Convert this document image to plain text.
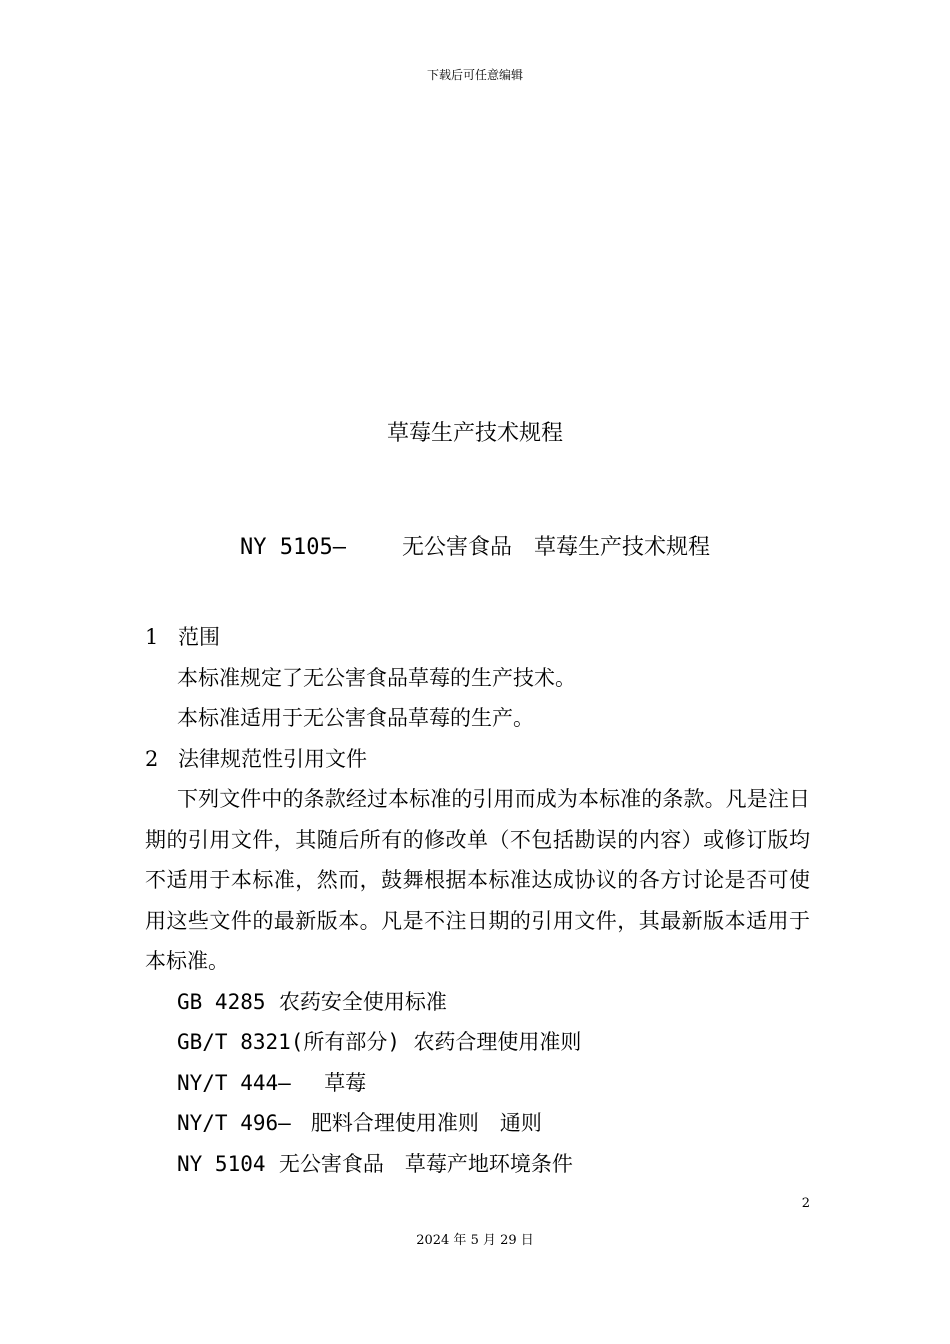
下载后可任意编辑
草莓生产技术规程
NY 5105—	无公害食品　草莓生产技术规程
1 范围
本标准规定了无公害食品草莓的生产技术。
本标准适用于无公害食品草莓的生产。
2 法律规范性引用文件
下列文件中的条款经过本标准的引用而成为本标准的条款。凡是注日期的引用文件，其随后所有的修改单（不包括勘误的内容）或修订版均不适用于本标准，然而，鼓舞根据本标准达成协议的各方讨论是否可使用这些文件的最新版本。凡是不注日期的引用文件，其最新版本适用于本标准。
GB 4285 农药安全使用标准
GB/T 8321(所有部分) 农药合理使用准则
NY/T 444— 草莓
NY/T 496— 肥料合理使用准则　通则
NY 5104 无公害食品　草莓产地环境条件
2
2024 年 5 月 29 日
